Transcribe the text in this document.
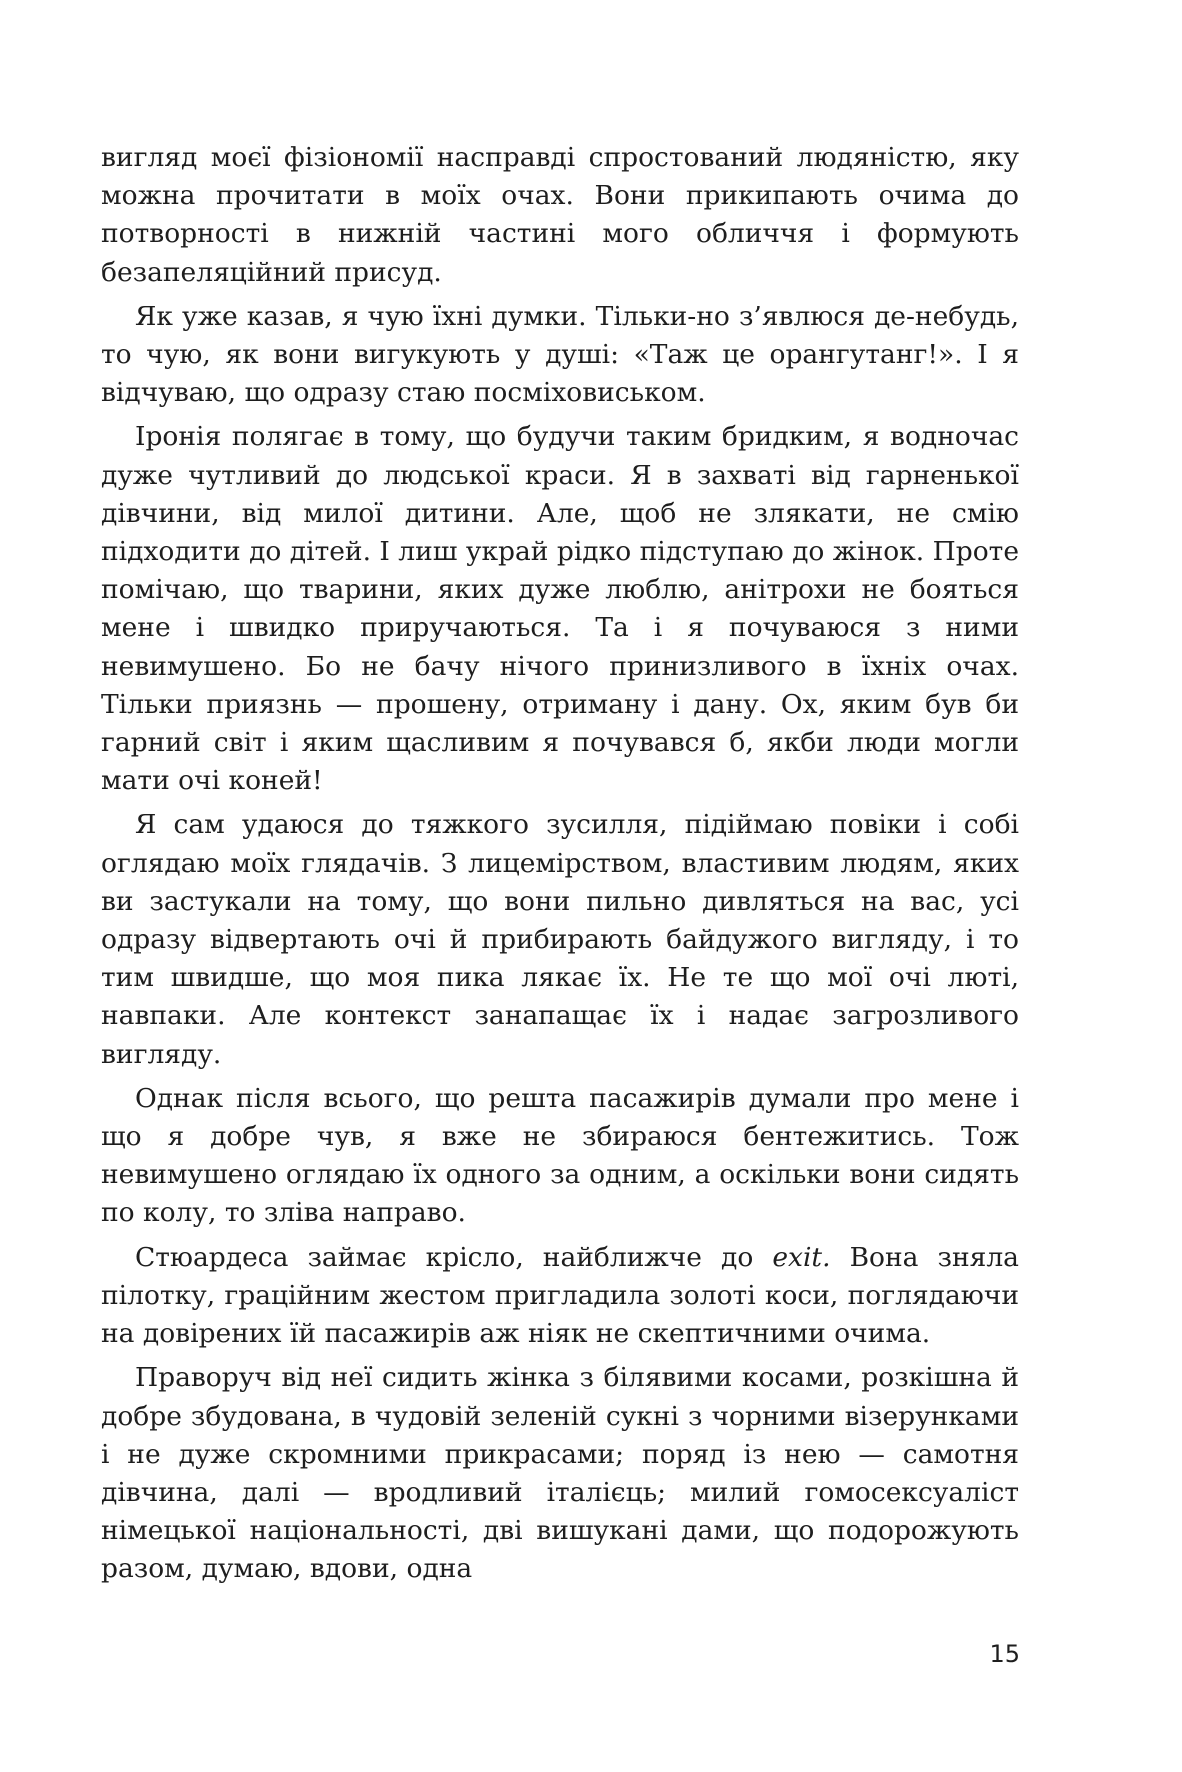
вигляд моєї фізіономії насправді спростований людяністю, яку можна прочитати в моїх очах. Вони прикипають очима до потворності в нижній частині мого обличчя і формують безапеляційний присуд.

Як уже казав, я чую їхні думки. Тільки-но з’явлюся де-небудь, то чую, як вони вигукують у душі: «Таж це орангутанг!». І я відчуваю, що одразу стаю посміховиськом.

Іронія полягає в тому, що будучи таким бридким, я водночас дуже чутливий до людської краси. Я в захваті від гарненької дівчини, від милої дитини. Але, щоб не злякати, не смію підходити до дітей. І лиш украй рідко підступаю до жінок. Проте помічаю, що тварини, яких дуже люблю, анітрохи не бояться мене і швидко приручаються. Та і я почуваюся з ними невимушено. Бо не бачу нічого принизливого в їхніх очах. Тільки приязнь — прошену, отриману і дану. Ох, яким був би гарний світ і яким щасливим я почувався б, якби люди могли мати очі коней!

Я сам удаюся до тяжкого зусилля, підіймаю повіки і собі оглядаю моїх глядачів. З лицемірством, властивим людям, яких ви застукали на тому, що вони пильно дивляться на вас, усі одразу відвертають очі й прибирають байдужого вигляду, і то тим швидше, що моя пика лякає їх. Не те що мої очі люті, навпаки. Але контекст занапащає їх і надає загрозливого вигляду.

Однак після всього, що решта пасажирів думали про мене і що я добре чув, я вже не збираюся бентежитись. Тож невимушено оглядаю їх одного за одним, а оскільки вони сидять по колу, то зліва направо.

Стюардеса займає крісло, найближче до exit. Вона зняла пілотку, граційним жестом пригладила золоті коси, поглядаючи на довірених їй пасажирів аж ніяк не скептичними очима.

Праворуч від неї сидить жінка з білявими косами, розкішна й добре збудована, в чудовій зеленій сукні з чорними візерунками і не дуже скромними прикрасами; поряд із нею — самотня дівчина, далі — вродливий італієць; милий гомосексуаліст німецької національності, дві вишукані дами, що подорожують разом, думаю, вдови, одна

15
